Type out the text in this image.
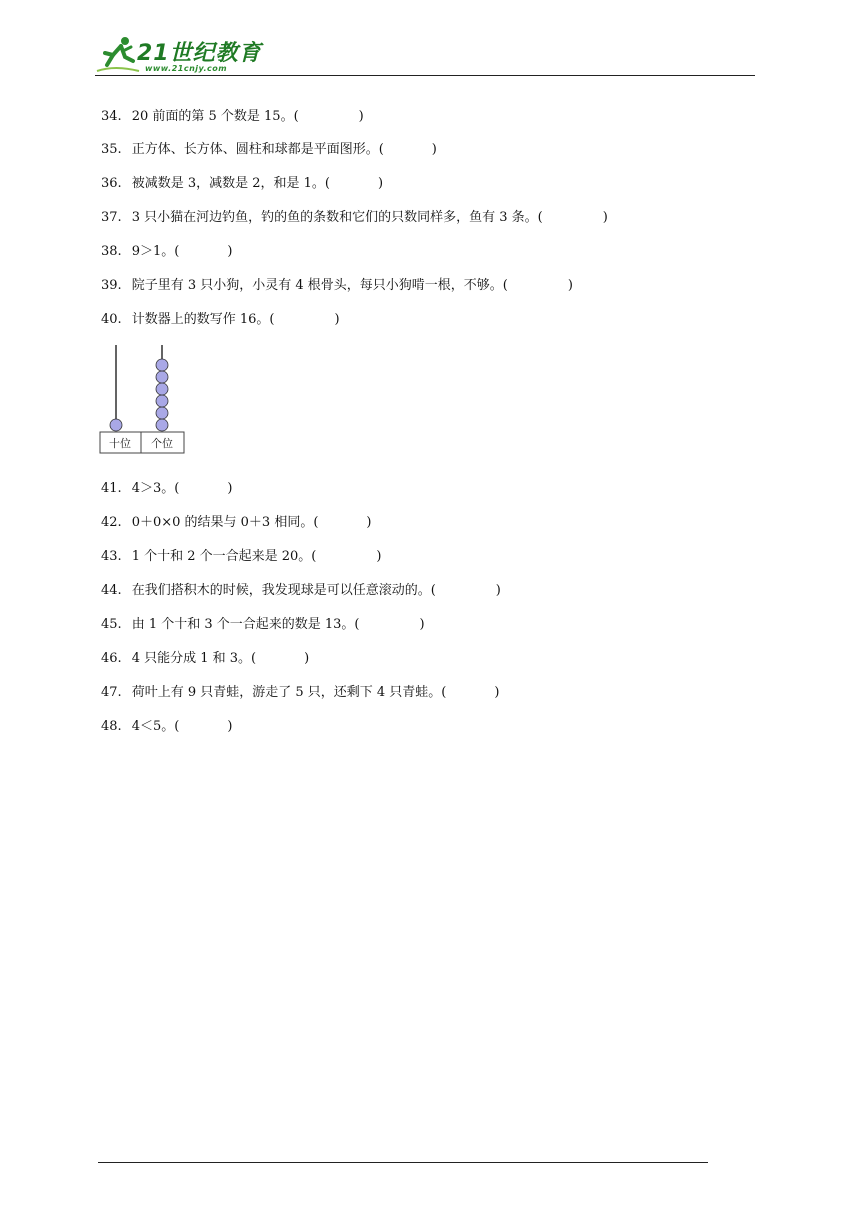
21世纪教育
www.21cnjy.com
34. 20 前面的第 5 个数是 15。(	)
35. 正方体、长方体、圆柱和球都是平面图形。(	)
36. 被减数是 3，减数是 2，和是 1。(	)
37. 3 只小猫在河边钓鱼，钓的鱼的条数和它们的只数同样多，鱼有 3 条。(	)
38. 9＞1。(	)
39. 院子里有 3 只小狗，小灵有 4 根骨头，每只小狗啃一根，不够。(	)
40. 计数器上的数写作 16。(	)
41. 4＞3。(	)
42. 0＋0×0 的结果与 0＋3 相同。(	)
43. 1 个十和 2 个一合起来是 20。(	)
44. 在我们搭积木的时候，我发现球是可以任意滚动的。(	)
45. 由 1 个十和 3 个一合起来的数是 13。(	)
46. 4 只能分成 1 和 3。(	)
47. 荷叶上有 9 只青蛙，游走了 5 只，还剩下 4 只青蛙。(	)
48. 4＜5。(	)
十位 个位
